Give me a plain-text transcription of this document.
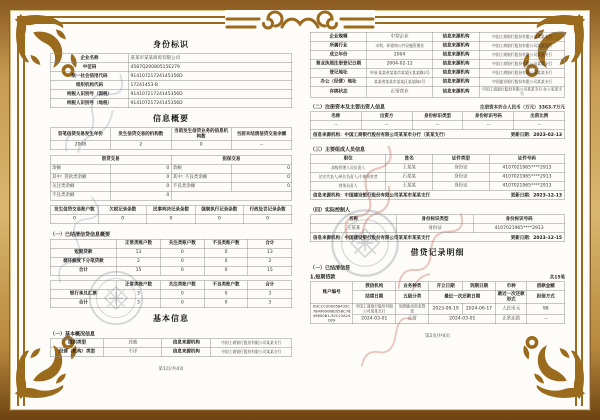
身份标识
企业名称	某某市某某商贸有限公司
中征码	4587Q20080515E279
统一社会信用代码	91410721724145356D
组织机构代码	17241453-B
纳税人识别号（国税）	91410721724145356D
纳税人识别号（地税）	91410721724145356D
信息概要
首笔信贷交易发生年份	发生信贷交易的机构数	当前发生信贷业务的信息机构数	当前未结清信贷交易余额
2008	2	0	--
借贷交易		担保交易	
余额	0	余额	0
其中: 贷款类余额	0	其中: 不良类余额	0
关注类余额	0	不良类余额	0
不良类余额	0		
发生信贷交易账户数	欠税记录条数	民事判决记录条数	强制执行记录条数	行政处罚记录条数
0	0	0	0	0
（一）已结清信贷信息概要
	正常类账户数	关注类账户数	不良类账户数	合计
短期贷款	13	0	0	13
循环额度下分笔贷款	2	0	0	2
合计	15	0	0	15
	正常类账户数	关注类账户数	不良类账户数	合计
银行承兑汇票	3	0	0	3
合计	3	0	0	3
基本信息
（一）基本概况信息
组织类型	其他	信息来源机构	中国工商银行股份有限公司某某支行
经营（机构）类型	不详	信息来源机构	中国工商银行股份有限公司某某支行
第1页/共4页
企业规模	中型企业	信息来源机构	中国工商银行股份有限公司某某支行
所属行业	水利、环境和公共设施管理业	信息来源机构	中国工商银行股份有限公司某某支行
成立年份	2004	信息来源机构	中国工商银行股份有限公司某某支行
营业执照注册登记日期	2004-02-12	信息来源机构	中国工商银行股份有限公司某某支行
登记地址	中国·某某省某某市某某区某某路2号	信息来源机构	中国工商银行股份有限公司某某支行
办公（经营）地址	某某省某某市某某区某某路2号	信息来源机构	中国建设银行股份有限公司某某支行
存续状态	正常营业	信息来源机构	中国工商银行股份有限公司某某支行 办公室某支行
（二）注册资本及主要出资人信息	注册资本折合人民币（万元）3363.7万元
名称	出资方	身份标识类型	身份标识号码	出资比例
--	--	--	--	--
信息来源机构：中国工商银行股份有限公司某某市分行（某某支行）	更新日期：2023-02-13
（三）主要组成人员信息
职位	姓名	证件类型	证件号码
高级管理人员负责人	王某某	身份证	4107021965****2913
法定代表人/单位负责人/个体经营者	石某某	身份证	4107021965****2913
财务负责人	王某某	身份证	4107021965****2913
信息来源机构：中国建设银行股份有限公司某某市某某支行	更新日期：2023-12-13
（四）实际控制人
名称	身份标识类型	身份标识号码
王某某	身份证	4107021965****2913
信息来源机构：中国建设银行股份有限公司某某市某某支行	更新日期：2023-12-15
借贷记录明细
（一）已结清信贷
1.短期贷款	共15笔
账户编号	授信机构	业务种类	开立日期	到期日期	币种	借款金额
	结清日期	五级分类	最近一次还款日期		最近一次还款形式	担保方式
B3CCC000058433C7849600BB3/5BC7849600B1-92C23A24Q09	中国工商银行股份有限公司某某支行	短期流动资金贷款	2023-09-19	2024-06-17	人民币元	98
	2024-03-01	正常	2024-03-01		正常还款	--
第2页/共4页
